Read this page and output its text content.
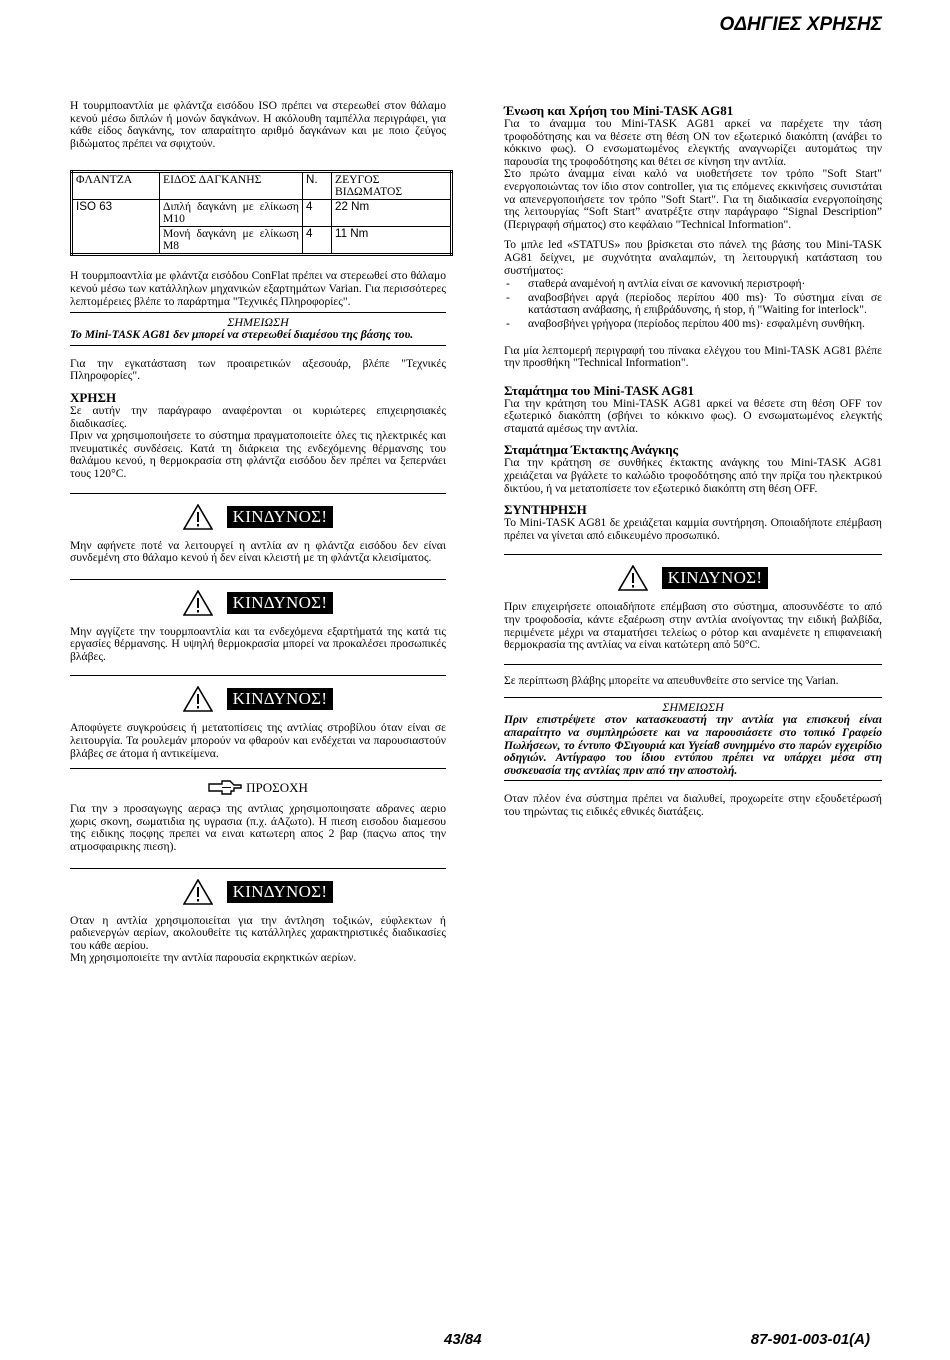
ΟΔΗΓΙΕΣ ΧΡΗΣΗΣ

Η τουρμποαντλία με φλάντζα εισόδου ISO πρέπει να στερεωθεί στον θάλαμο κενού μέσω διπλών ή μονών δαγκάνων. Η ακόλουθη ταμπέλλα περιγράφει, για κάθε είδος δαγκάνης, τον απαραίτητο αριθμό δαγκάνων και με ποιο ζεύγος βιδώματος πρέπει να σφιχτούν.

ΦΛΑΝΤΖΑ	ΕΙΔΟΣ ΔΑΓΚΑΝΗΣ	Ν.	ΖΕΥΓΟΣ ΒΙΔΩΜΑΤΟΣ
ISO 63	Διπλή δαγκάνη με ελίκωση Μ10	4	22 Nm
	Μονή δαγκάνη με ελίκωση Μ8	4	11 Nm

Η τουρμποαντλία με φλάντζα εισόδου ConFlat πρέπει να στερεωθεί στο θάλαμο κενού μέσω των κατάλληλων μηχανικών εξαρτημάτων Varian. Για περισσότερες λεπτομέρειες βλέπε το παράρτημα "Τεχνικές Πληροφορίες".

ΣΗΜΕΙΩΣΗ
Το Mini-TASK AG81 δεν μπορεί να στερεωθεί διαμέσου της βάσης του.

Για την εγκατάσταση των προαιρετικών αξεσουάρ, βλέπε "Τεχνικές Πληροφορίες".

ΧΡΗΣΗ

Σε αυτήν την παράγραφο αναφέρονται οι κυριώτερες επιχειρησιακές διαδικασίες.

Πριν να χρησιμοποιήσετε το σύστημα πραγματοποιείτε όλες τις ηλεκτρικές και πνευματικές συνδέσεις. Κατά τη διάρκεια της ενδεχόμενης θέρμανσης του θαλάμου κενού, η θερμοκρασία στη φλάντζα εισόδου δεν πρέπει να ξεπερνάει τους 120°C.

ΚΙΝΔΥΝΟΣ!

Μην αφήνετε ποτέ να λειτουργεί η αντλία αν η φλάντζα εισόδου δεν είναι συνδεμένη στο θάλαμο κενού ή δεν είναι κλειστή με τη φλάντζα κλεισίματος.

ΚΙΝΔΥΝΟΣ!

Μην αγγίζετε την τουρμποαντλία και τα ενδεχόμενα εξαρτήματά της κατά τις εργασίες θέρμανσης. Η υψηλή θερμοκρασία μπορεί να προκαλέσει προσωπικές βλάβες.

ΚΙΝΔΥΝΟΣ!

Αποφύγετε συγκρούσεις ή μετατοπίσεις της αντλίας στροβίλου όταν είναι σε λειτουργία. Τα ρουλεμάν μπορούν να φθαρούν και ενδέχεται να παρουσιαστούν βλάβες σε άτομα ή αντικείμενα.

ΠΡΟΣΟΧΗ

Για την ϶ προσαγωγηϛ αεραϛ϶ τηϛ αντλιαϛ χρησιμοποιησατε αδρανεϛ αεριο χωριϛ σκονη, σωματιδια ηϛ υγρασια (π.χ. άΑζωτο). Η πιεση εισοδου διαμεσου τηϛ ειδικηϛ ποϛφηϛ πρεπει να ειναι κατωτερη αποϛ 2 βαρ (παϛνω αποϛ την ατμοσφαιρικηϛ πιεση).

ΚΙΝΔΥΝΟΣ!

Οταν η αντλία χρησιμοποιείται για την άντληση τοξικών, εύφλεκτων ή ραδιενεργών αερίων, ακολουθείτε τις κατάλληλες χαρακτηριστικές διαδικασίες του κάθε αερίου.

Μη χρησιμοποιείτε την αντλία παρουσία εκρηκτικών αερίων.

Ένωση και Χρήση του Mini-TASK AG81

Για το άναμμα του Mini-TASK AG81 αρκεί να παρέχετε την τάση τροφοδότησης και να θέσετε στη θέση ON τον εξωτερικό διακόπτη (ανάβει το κόκκινο φως). Ο ενσωματωμένος ελεγκτής αναγνωρίζει αυτομάτως την παρουσία της τροφοδότησης και θέτει σε κίνηση την αντλία.

Στο πρώτο άναμμα είναι καλό να υιοθετήσετε τον τρόπο "Soft Start" ενεργοποιώντας τον ίδιο στον controller, για τις επόμενες εκκινήσεις συνιστάται να απενεργοποιήσετε τον τρόπο "Soft Start". Για τη διαδικασία ενεργοποίησης της λειτουργίας “Soft Start” ανατρέξτε στην παράγραφο “Signal Description” (Περιγραφή σήματος) στο κεφάλαιο "Technical Information".

Το μπλε led «STATUS» που βρίσκεται στο πάνελ της βάσης του Mini-TASK AG81 δείχνει, με συχνότητα αναλαμπών, τη λειτουργική κατάσταση του συστήματος:

- σταθερά αναμένοή η αντλία είναι σε κανονική περιστροφή·
- αναβοσβήνει αργά (περίοδος περίπου 400 ms)· Το σύστημα είναι σε κατάσταση ανάβασης, ή επιβράδυνσης, ή stop, ή "Waiting for interlock".
- αναβοσβήνει γρήγορα (περίοδος περίπου 400 ms)· εσφαλμένη συνθήκη.

Για μία λεπτομερή περιγραφή του πίνακα ελέγχου του Mini-TASK AG81 βλέπε την προσθήκη "Technical Information".

Σταμάτημα του Mini-TASK AG81

Για την κράτηση του Mini-TASK AG81 αρκεί να θέσετε στη θέση OFF τον εξωτερικό διακόπτη (σβήνει το κόκκινο φως). Ο ενσωματωμένος ελεγκτής σταματά αμέσως την αντλία.

Σταμάτημα Έκτακτης Ανάγκης

Για την κράτηση σε συνθήκες έκτακτης ανάγκης του Mini-TASK AG81 χρειάζεται να βγάλετε το καλώδιο τροφοδότησης από την πρίζα του ηλεκτρικού δικτύου, ή να μετατοπίσετε τον εξωτερικό διακόπτη στη θέση OFF.

ΣΥΝΤΗΡΗΣΗ

Το Mini-TASK AG81 δε χρειάζεται καμμία συντήρηση. Οποιαδήποτε επέμβαση πρέπει να γίνεται από ειδικευμένο προσωπικό.

ΚΙΝΔΥΝΟΣ!

Πριν επιχειρήσετε οποιαδήποτε επέμβαση στο σύστημα, αποσυνδέστε το από την τροφοδοσία, κάντε εξαέρωση στην αντλία ανοίγοντας την ειδική βαλβίδα, περιμένετε μέχρι να σταματήσει τελείως ο ρότορ και αναμένετε η επιφανειακή θερμοκρασία της αντλίας να είναι κατώτερη από 50°C.

Σε περίπτωση βλάβης μπορείτε να απευθυνθείτε στο service της Varian.

ΣΗΜΕΙΩΣΗ
Πριν επιστρέψετε στον κατασκευαστή την αντλία για επισκευή είναι απαραίτητο να συμπληρώσετε και να παρουσιάσετε στο τοπικό Γραφείο Πωλήσεων, το έντυπο ΦΣιγουριά και Υγείαϐ συνημμένο στο παρών εγχειρίδιο οδηγιών. Αντίγραφο του ίδιου εντύπου πρέπει να υπάρχει μέσα στη συσκευασία της αντλίας πριν από την αποστολή.

Οταν πλέον ένα σύστημα πρέπει να διαλυθεί, προχωρείτε στην εξουδετέρωσή του τηρώντας τις ειδικές εθνικές διατάξεις.

43/84	87-901-003-01(A)
